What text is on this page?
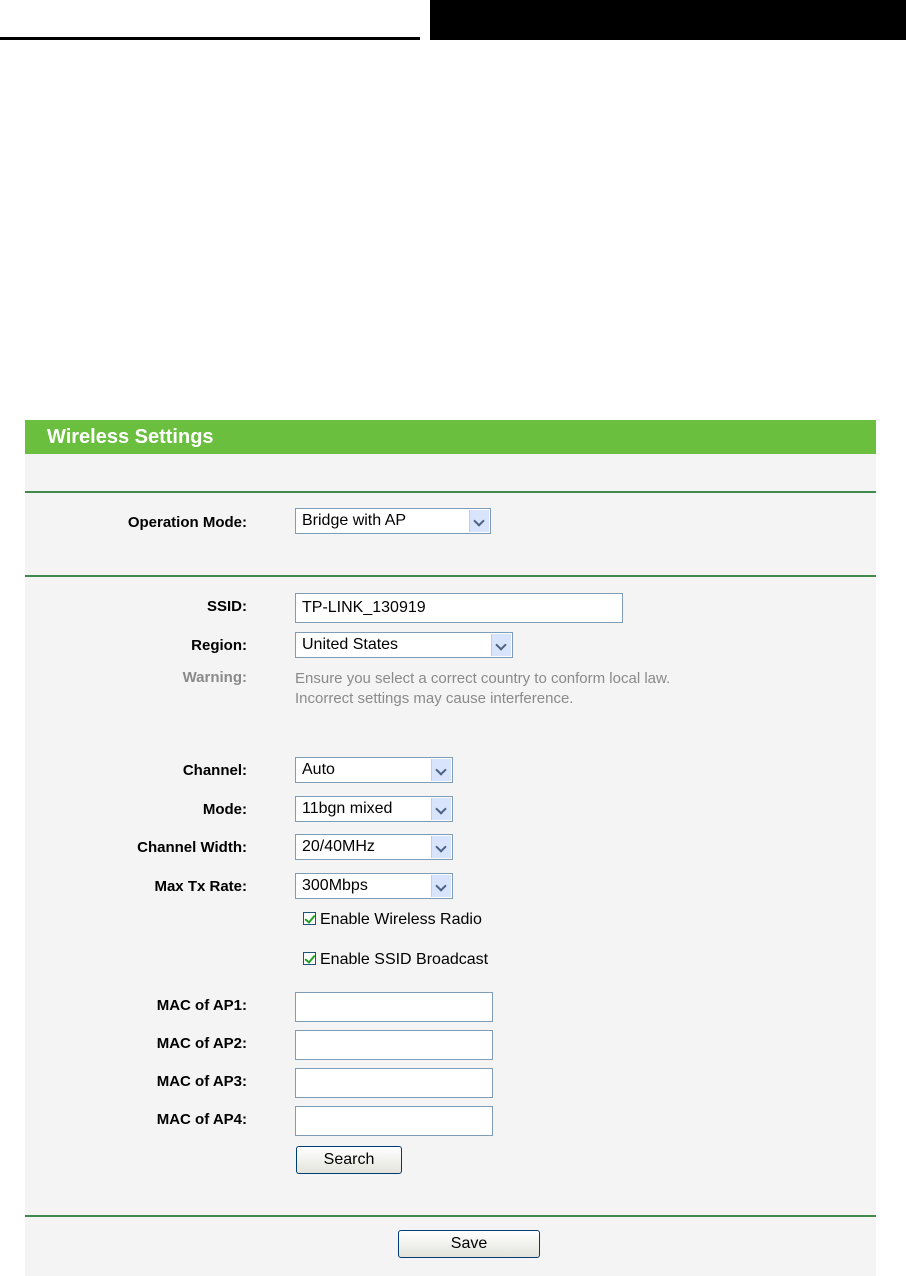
Wireless Settings
Operation Mode:	Bridge with AP
SSID:	TP-LINK_130919
Region:	United States
Warning:	Ensure you select a correct country to conform local law.
Incorrect settings may cause interference.
Channel:	Auto
Mode:	11bgn mixed
Channel Width:	20/40MHz
Max Tx Rate:	300Mbps
Enable Wireless Radio
Enable SSID Broadcast
MAC of AP1:
MAC of AP2:
MAC of AP3:
MAC of AP4:
Search
Save
